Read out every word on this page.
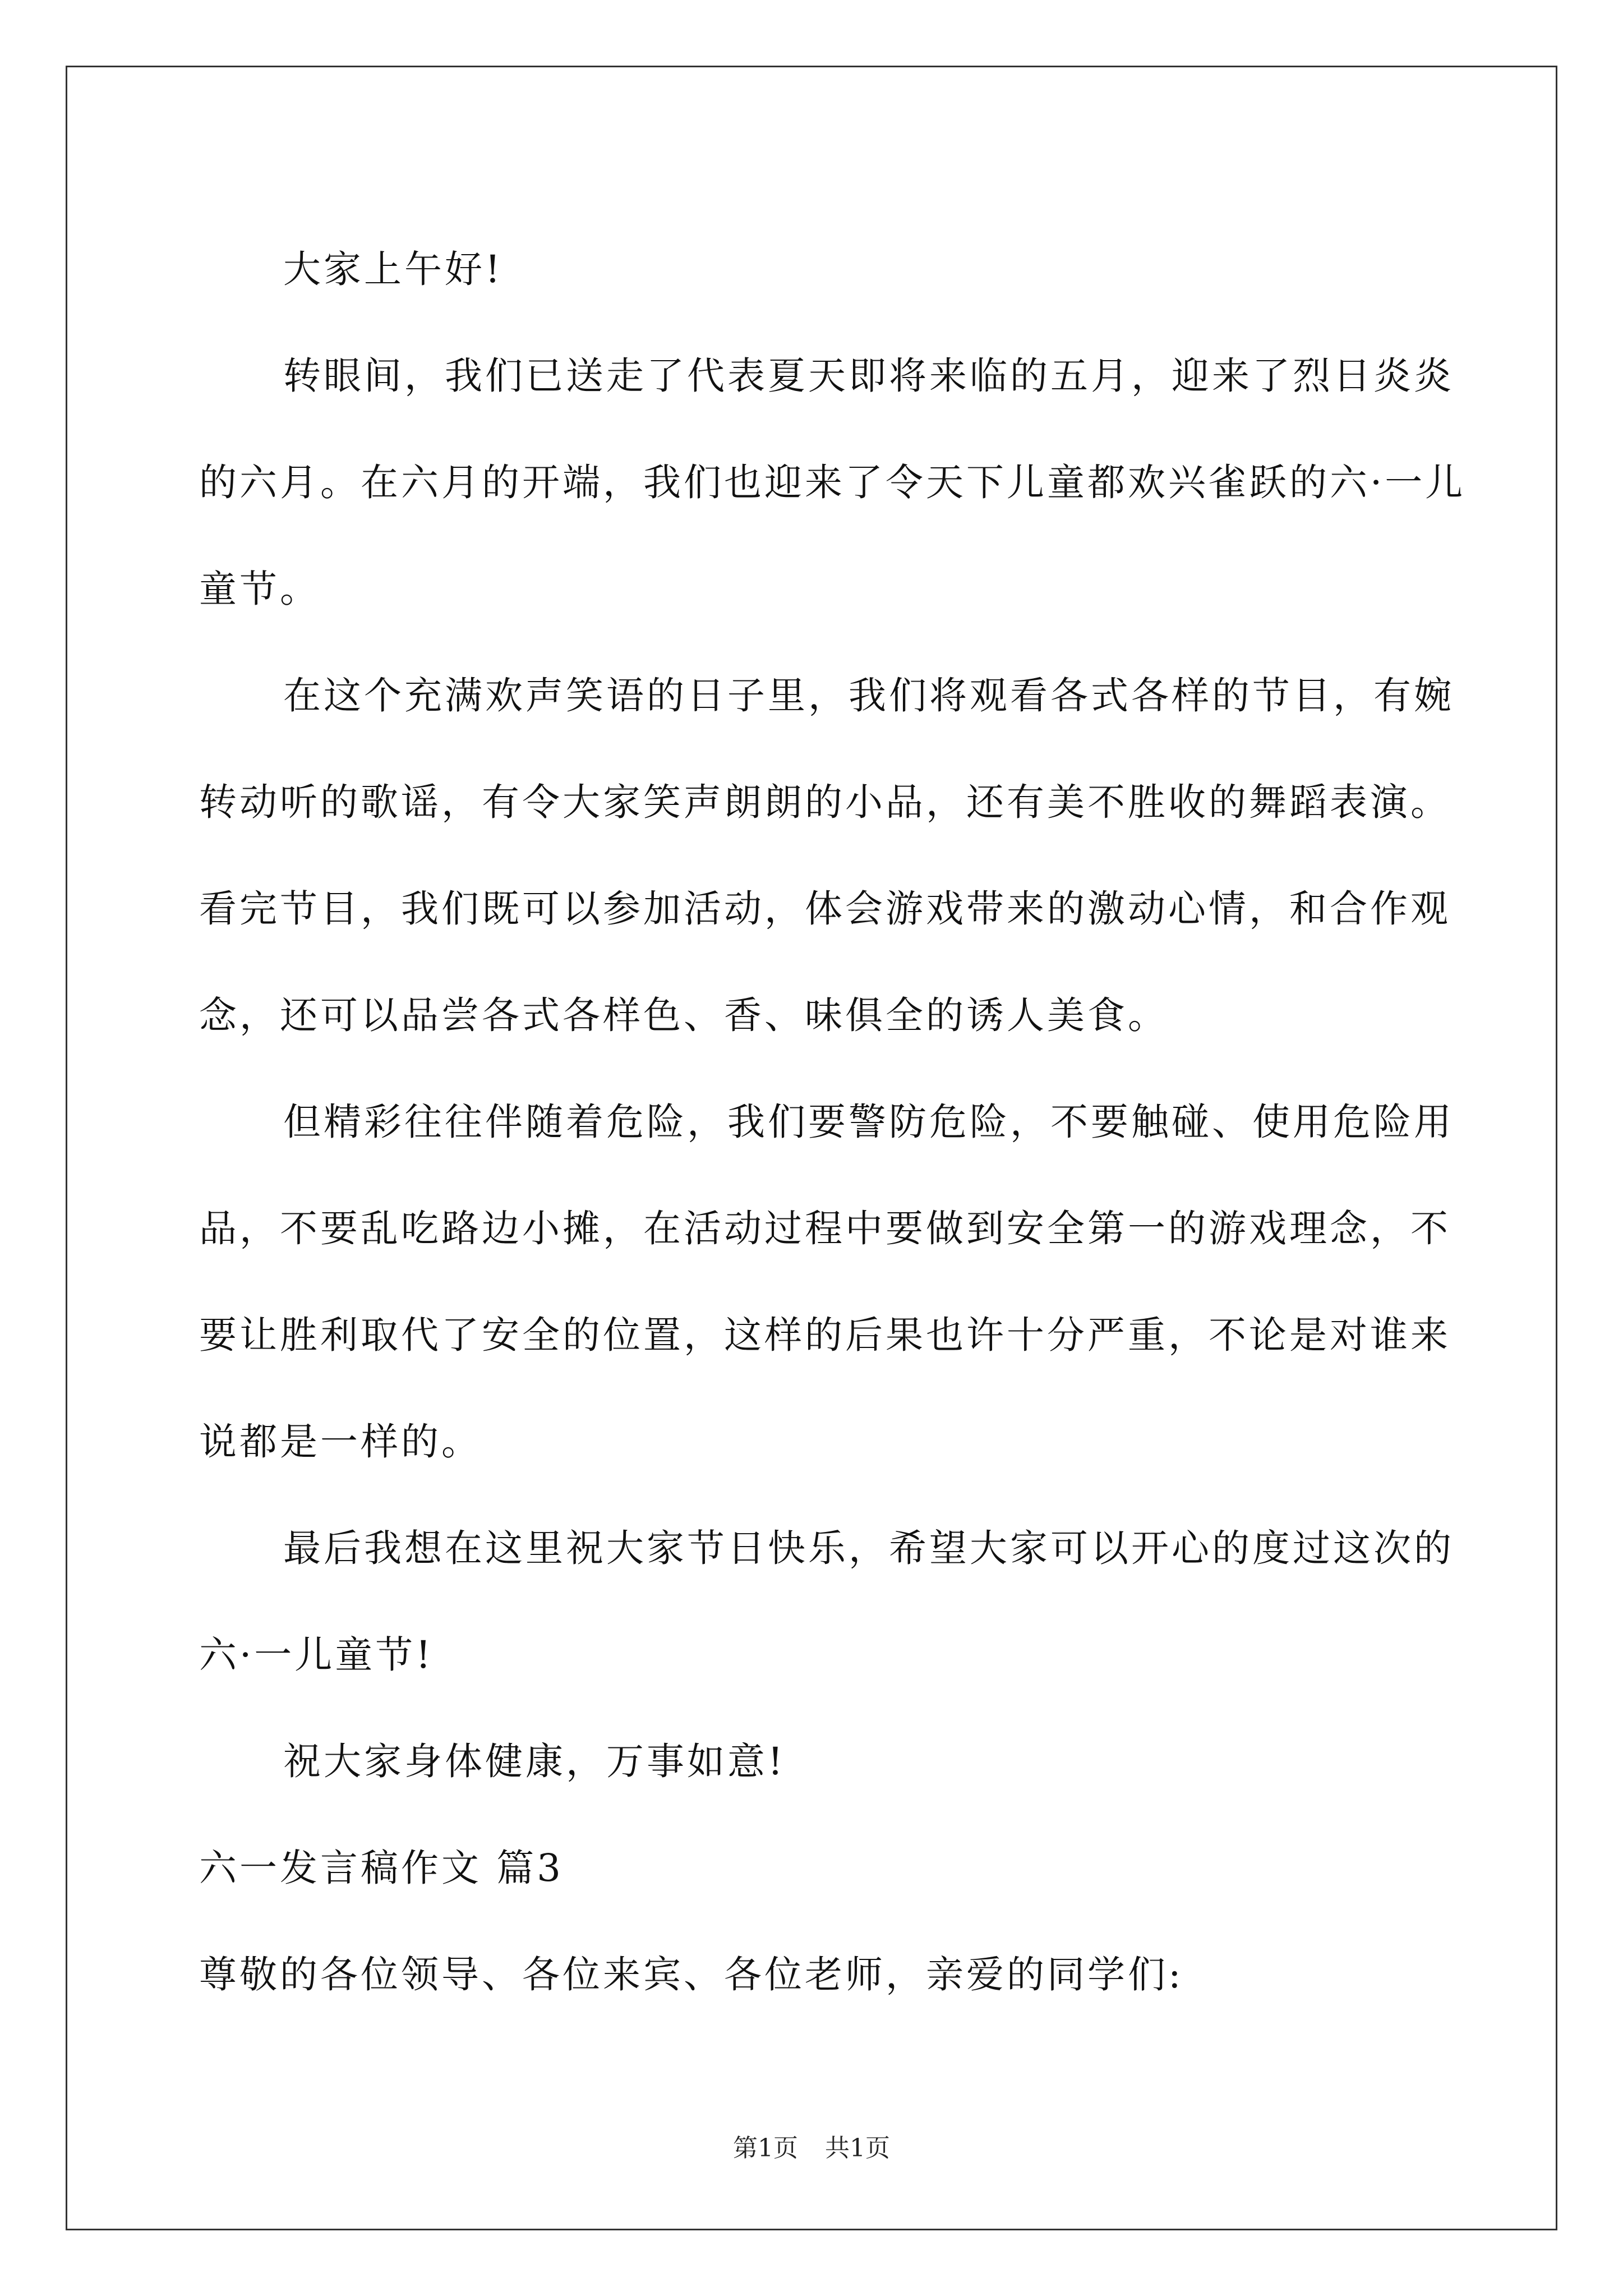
大家上午好!

转眼间，我们已送走了代表夏天即将来临的五月，迎来了烈日炎炎的六月。在六月的开端，我们也迎来了令天下儿童都欢兴雀跃的六·一儿童节。

在这个充满欢声笑语的日子里，我们将观看各式各样的节目，有婉转动听的歌谣，有令大家笑声朗朗的小品，还有美不胜收的舞蹈表演。看完节目，我们既可以参加活动，体会游戏带来的激动心情，和合作观念，还可以品尝各式各样色、香、味俱全的诱人美食。

但精彩往往伴随着危险，我们要警防危险，不要触碰、使用危险用品，不要乱吃路边小摊，在活动过程中要做到安全第一的游戏理念，不要让胜利取代了安全的位置，这样的后果也许十分严重，不论是对谁来说都是一样的。

最后我想在这里祝大家节日快乐，希望大家可以开心的度过这次的六·一儿童节!

祝大家身体健康，万事如意!

六一发言稿作文 篇3

尊敬的各位领导、各位来宾、各位老师，亲爱的同学们:

第1页 共1页
